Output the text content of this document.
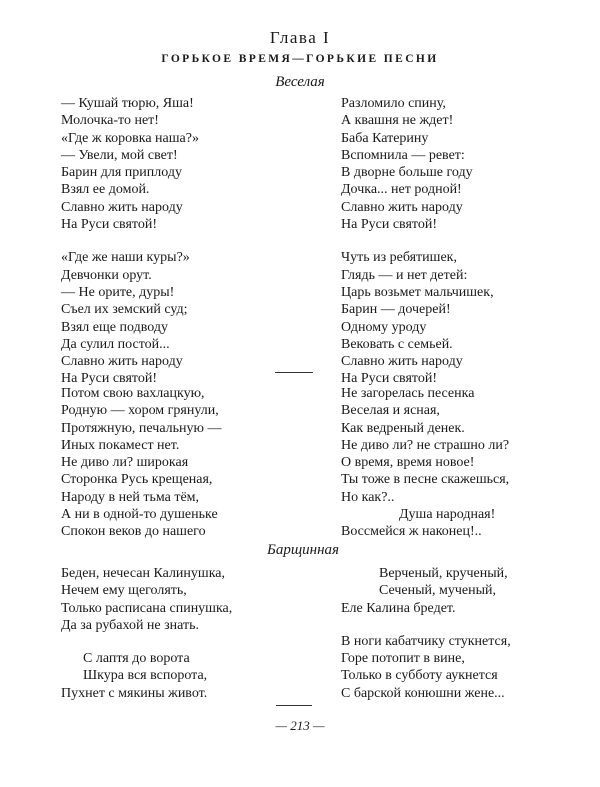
Глава I
ГОРЬКОЕ ВРЕМЯ—ГОРЬКИЕ ПЕСНИ
Веселая
— Кушай тюрю, Яша!
Молочка-то нет!
«Где ж коровка наша?»
— Увели, мой свет!
Барин для приплоду
Взял ее домой.
Славно жить народу
На Руси святой!
«Где же наши куры?»
Девчонки орут.
— Не орите, дуры!
Съел их земский суд;
Взял еще подводу
Да сулил постой...
Славно жить народу
На Руси святой!
Разломило спину,
А квашня не ждет!
Баба Катерину
Вспомнила — ревет:
В дворне больше году
Дочка... нет родной!
Славно жить народу
На Руси святой!
Чуть из ребятишек,
Глядь — и нет детей:
Царь возьмет мальчишек,
Барин — дочерей!
Одному уроду
Вековать с семьей.
Славно жить народу
На Руси святой!
Потом свою вахлацкую,
Родную — хором грянули,
Протяжную, печальную —
Иных покамест нет.
Не диво ли? широкая
Сторонка Русь крещеная,
Народу в ней тьма тём,
А ни в одной-то душеньке
Спокон веков до нашего
Не загорелась песенка
Веселая и ясная,
Как ведреный денек.
Не диво ли? не страшно ли?
О время, время новое!
Ты тоже в песне скажешься,
Но как?..
Душа народная!
Воссмейся ж наконец!..
Барщинная
Беден, нечесан Калинушка,
Нечем ему щеголять,
Только расписана спинушка,
Да за рубахой не знать.
С лаптя до ворота
Шкура вся вспорота,
Пухнет с мякины живот.
Верченый, крученый,
Сеченый, мученый,
Еле Калина бредет.
В ноги кабатчику стукнется,
Горе потопит в вине,
Только в субботу аукнется
С барской конюшни жене...
— 213 —
